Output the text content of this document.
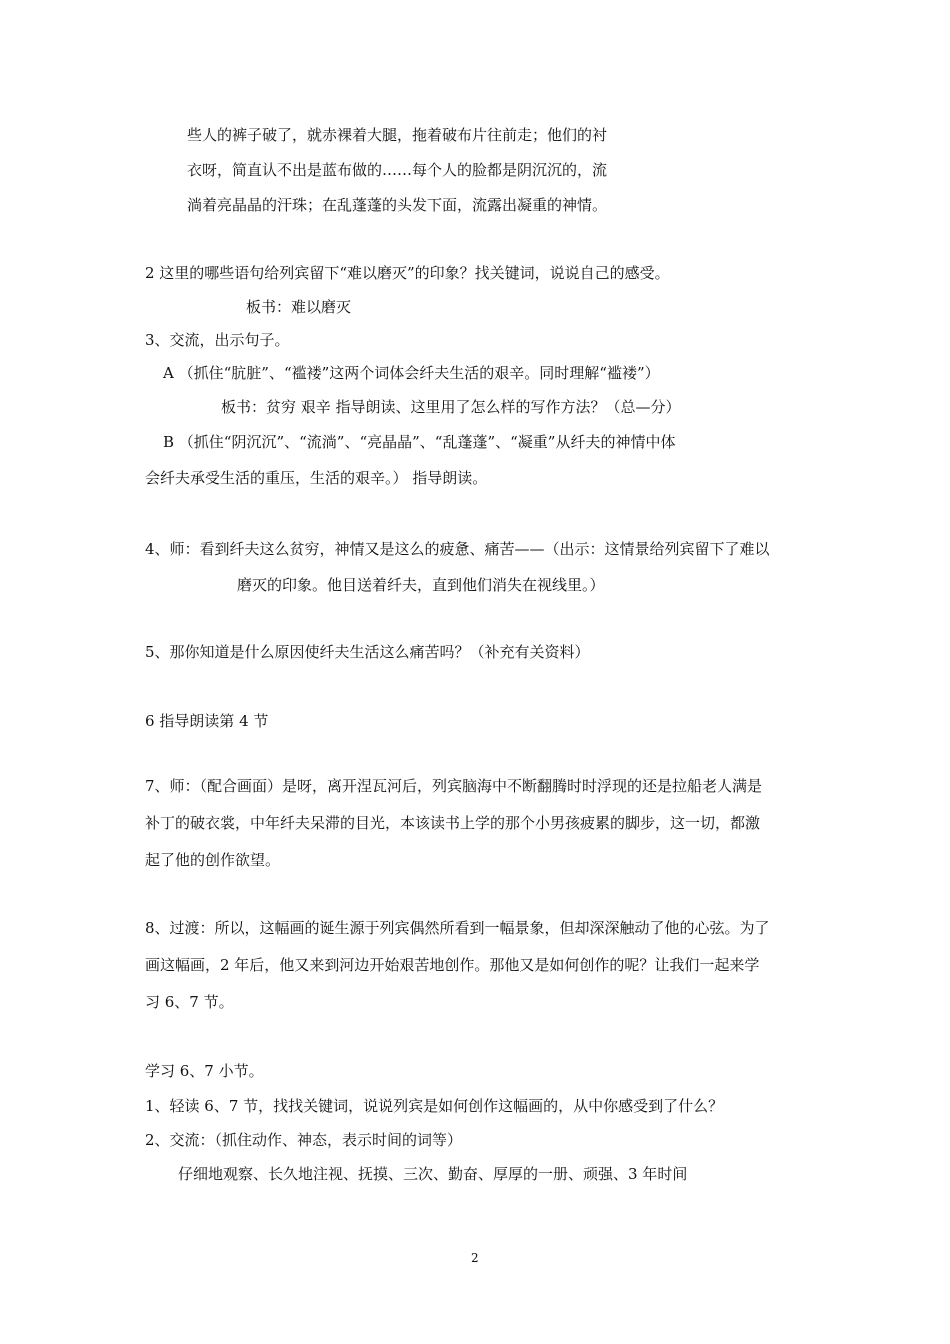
些人的裤子破了，就赤裸着大腿，拖着破布片往前走；他们的衬

衣呀，简直认不出是蓝布做的……每个人的脸都是阴沉沉的，流

淌着亮晶晶的汗珠；在乱蓬蓬的头发下面，流露出凝重的神情。

2 这里的哪些语句给列宾留下“难以磨灭”的印象？找关键词，说说自己的感受。

板书：难以磨灭

3、交流，出示句子。

A （抓住“肮脏”、“褴褛”这两个词体会纤夫生活的艰辛。同时理解“褴褛”）

板书：贫穷 艰辛 指导朗读、这里用了怎么样的写作方法？（总—分）

B （抓住“阴沉沉”、“流淌”、“亮晶晶”、“乱蓬蓬”、“凝重”从纤夫的神情中体

会纤夫承受生活的重压，生活的艰辛。） 指导朗读。

4、师：看到纤夫这么贫穷，神情又是这么的疲惫、痛苦——（出示：这情景给列宾留下了难以

磨灭的印象。他目送着纤夫，直到他们消失在视线里。）

5、那你知道是什么原因使纤夫生活这么痛苦吗？（补充有关资料）

6 指导朗读第 4 节

7、师：（配合画面）是呀，离开涅瓦河后，列宾脑海中不断翻腾时时浮现的还是拉船老人满是

补丁的破衣裳，中年纤夫呆滞的目光，本该读书上学的那个小男孩疲累的脚步，这一切，都激

起了他的创作欲望。

8、过渡：所以，这幅画的诞生源于列宾偶然所看到一幅景象，但却深深触动了他的心弦。为了

画这幅画，2 年后，他又来到河边开始艰苦地创作。那他又是如何创作的呢？让我们一起来学

习 6、7 节。

学习 6、7 小节。

1、轻读 6、7 节，找找关键词，说说列宾是如何创作这幅画的，从中你感受到了什么？

2、交流：（抓住动作、神态，表示时间的词等）

仔细地观察、长久地注视、抚摸、三次、勤奋、厚厚的一册、顽强、3 年时间

2
